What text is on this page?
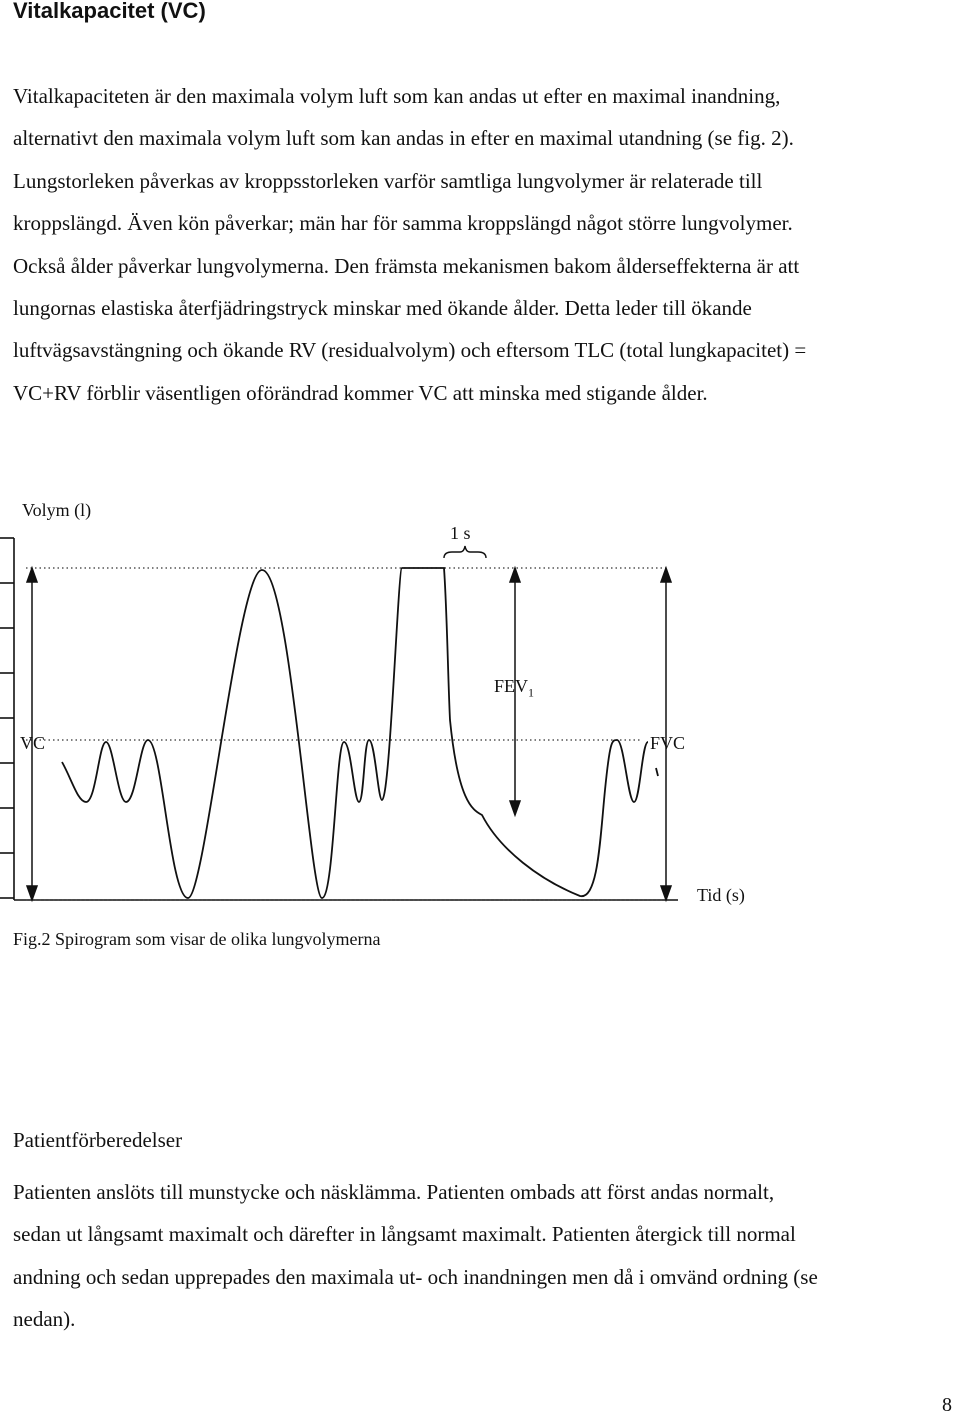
Vitalkapacitet (VC)

Vitalkapaciteten är den maximala volym luft som kan andas ut efter en maximal inandning,
alternativt den maximala volym luft som kan andas in efter en maximal utandning (se fig. 2).
Lungstorleken påverkas av kroppsstorleken varför samtliga lungvolymer är relaterade till
kroppslängd. Även kön påverkar; män har för samma kroppslängd något större lungvolymer.
Också ålder påverkar lungvolymerna. Den främsta mekanismen bakom ålderseffekterna är att
lungornas elastiska återfjädringstryck minskar med ökande ålder. Detta leder till ökande
luftvägsavstängning och ökande RV (residualvolym) och eftersom TLC (total lungkapacitet) =
VC+RV förblir väsentligen oförändrad kommer VC att minska med stigande ålder.

Volym (l)
1 s
$FEV_1$
VC	FVC
Tid (s)

Fig.2 Spirogram som visar de olika lungvolymerna

Patientförberedelser

Patienten anslöts till munstycke och näsklämma. Patienten ombads att först andas normalt,
sedan ut långsamt maximalt och därefter in långsamt maximalt. Patienten återgick till normal
andning och sedan upprepades den maximala ut- och inandningen men då i omvänd ordning (se
nedan).

8
